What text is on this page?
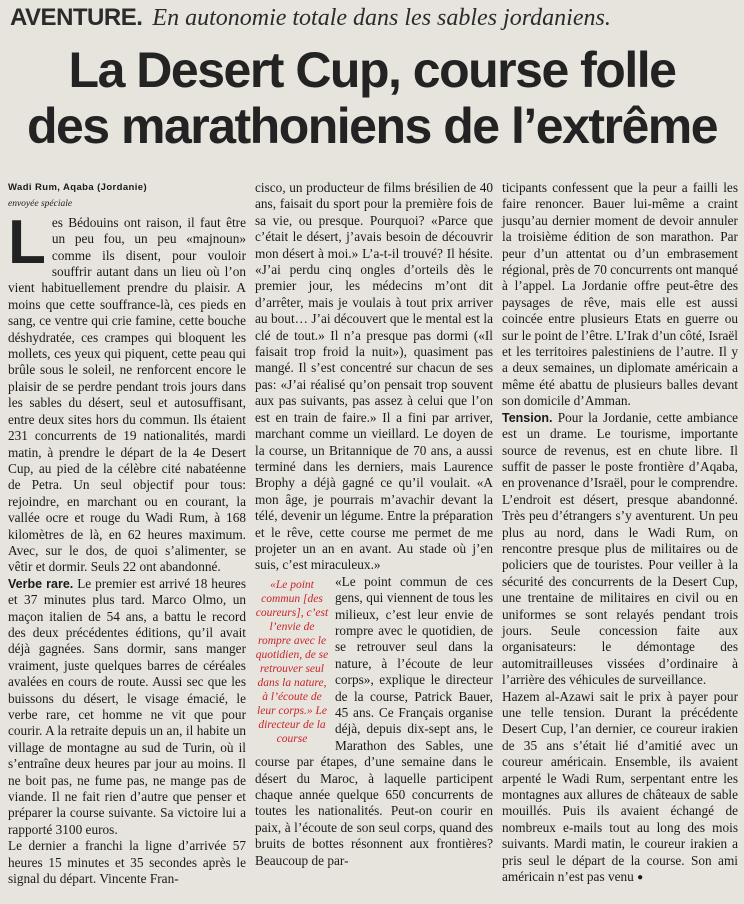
AVENTURE. En autonomie totale dans les sables jordaniens.
La Desert Cup, course folle
des marathoniens de l’extrême

Wadi Rum, Aqaba (Jordanie)

envoyée spéciale

Les Bédouins ont raison, il faut être un peu fou, un peu «majnoun» comme ils disent, pour vouloir souffrir autant dans un lieu où l’on vient habituellement prendre du plaisir. A moins que cette souffrance-là, ces pieds en sang, ce ventre qui crie famine, cette bouche déshydratée, ces crampes qui bloquent les mollets, ces yeux qui piquent, cette peau qui brûle sous le soleil, ne renforcent encore le plaisir de se perdre pendant trois jours dans les sables du désert, seul et autosuffisant, entre deux sites hors du commun. Ils étaient 231 concurrents de 19 nationalités, mardi matin, à prendre le départ de la 4e Desert Cup, au pied de la célèbre cité nabatéenne de Petra. Un seul objectif pour tous: rejoindre, en marchant ou en courant, la vallée ocre et rouge du Wadi Rum, à 168 kilomètres de là, en 62 heures maximum. Avec, sur le dos, de quoi s’alimenter, se vêtir et dormir. Seuls 22 ont abandonné.

Verbe rare. Le premier est arrivé 18 heures et 37 minutes plus tard. Marco Olmo, un maçon italien de 54 ans, a battu le record des deux précédentes éditions, qu’il avait déjà gagnées. Sans dormir, sans manger vraiment, juste quelques barres de céréales avalées en cours de route. Aussi sec que les buissons du désert, le visage émacié, le verbe rare, cet homme ne vit que pour courir. A la retraite depuis un an, il habite un village de montagne au sud de Turin, où il s’entraîne deux heures par jour au moins. Il ne boit pas, ne fume pas, ne mange pas de viande. Il ne fait rien d’autre que penser et préparer la course suivante. Sa victoire lui a rapporté 3100 euros.

Le dernier a franchi la ligne d’arrivée 57 heures 15 minutes et 35 secondes après le signal du départ. Vincente Fran-

cisco, un producteur de films brésilien de 40 ans, faisait du sport pour la première fois de sa vie, ou presque. Pourquoi? «Parce que c’était le désert, j’avais besoin de découvrir mon désert à moi.» L’a-t-il trouvé? Il hésite. «J’ai perdu cinq ongles d’orteils dès le premier jour, les médecins m’ont dit d’arrêter, mais je voulais à tout prix arriver au bout… J’ai découvert que le mental est la clé de tout.» Il n’a presque pas dormi («Il faisait trop froid la nuit»), quasiment pas mangé. Il s’est concentré sur chacun de ses pas: «J’ai réalisé qu’on pensait trop souvent aux pas suivants, pas assez à celui que l’on est en train de faire.» Il a fini par arriver, marchant comme un vieillard. Le doyen de la course, un Britannique de 70 ans, a aussi terminé dans les derniers, mais Laurence Brophy a déjà gagné ce qu’il voulait. «A mon âge, je pourrais m’avachir devant la télé, devenir un légume. Entre la préparation et le rêve, cette course me permet de me projeter un an en avant. Au stade où j’en suis, c’est miraculeux.»

«Le point commun [des coureurs], c’est l’envie de rompre avec le quotidien, de se retrouver seul dans la nature, à l’écoute de leur corps.» Le directeur de la course
«Le point commun de ces gens, qui viennent de tous les milieux, c’est leur envie de rompre avec le quotidien, de se retrouver seul dans la nature, à l’écoute de leur corps», explique le directeur de la course, Patrick Bauer, 45 ans. Ce Français organise déjà, depuis dix-sept ans, le Marathon des Sables, une course par étapes, d’une semaine dans le désert du Maroc, à laquelle participent chaque année quelque 650 concurrents de toutes les nationalités. Peut-on courir en paix, à l’écoute de son seul corps, quand des bruits de bottes résonnent aux frontières? Beaucoup de par-

ticipants confessent que la peur a failli les faire renoncer. Bauer lui-même a craint jusqu’au dernier moment de devoir annuler la troisième édition de son marathon. Par peur d’un attentat ou d’un embrasement régional, près de 70 concurrents ont manqué à l’appel. La Jordanie offre peut-être des paysages de rêve, mais elle est aussi coincée entre plusieurs Etats en guerre ou sur le point de l’être. L’Irak d’un côté, Israël et les territoires palestiniens de l’autre. Il y a deux semaines, un diplomate américain a même été abattu de plusieurs balles devant son domicile d’Amman.

Tension. Pour la Jordanie, cette ambiance est un drame. Le tourisme, importante source de revenus, est en chute libre. Il suffit de passer le poste frontière d’Aqaba, en provenance d’Israël, pour le comprendre. L’endroit est désert, presque abandonné. Très peu d’étrangers s’y aventurent. Un peu plus au nord, dans le Wadi Rum, on rencontre presque plus de militaires ou de policiers que de touristes. Pour veiller à la sécurité des concurrents de la Desert Cup, une trentaine de militaires en civil ou en uniformes se sont relayés pendant trois jours. Seule concession faite aux organisateurs: le démontage des automitrailleuses vissées d’ordinaire à l’arrière des véhicules de surveillance.

Hazem al-Azawi sait le prix à payer pour une telle tension. Durant la précédente Desert Cup, l’an dernier, ce coureur irakien de 35 ans s’était lié d’amitié avec un coureur américain. Ensemble, ils avaient arpenté le Wadi Rum, serpentant entre les montagnes aux allures de châteaux de sable mouillés. Puis ils avaient échangé de nombreux e-mails tout au long des mois suivants. Mardi matin, le coureur irakien a pris seul le départ de la course. Son ami américain n’est pas venu ●
